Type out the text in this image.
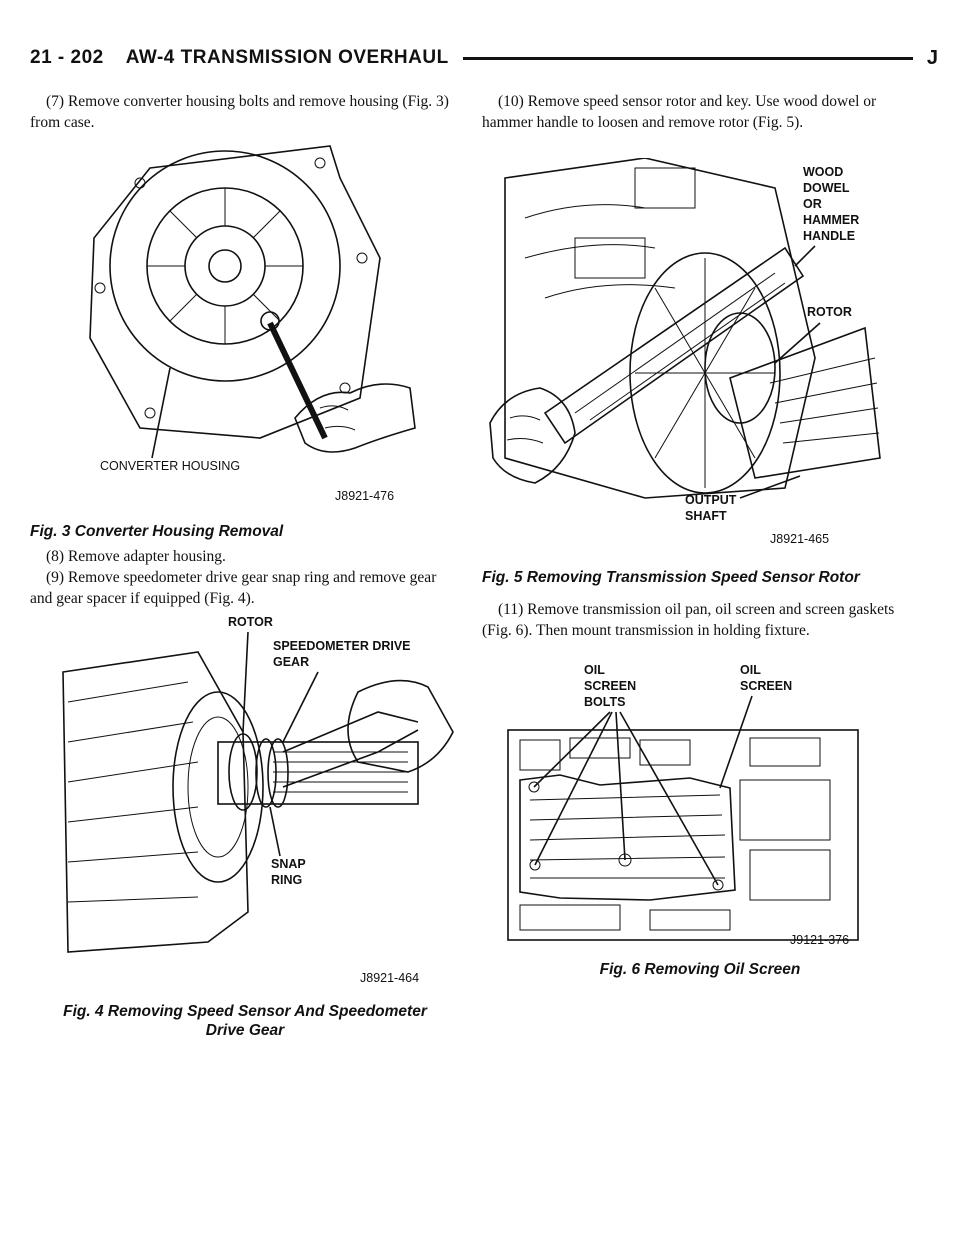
21 - 202 AW-4 TRANSMISSION OVERHAUL	J

(7) Remove converter housing bolts and remove housing (Fig. 3) from case.

CONVERTER HOUSING
J8921-476

Fig. 3 Converter Housing Removal

(8) Remove adapter housing.

(9) Remove speedometer drive gear snap ring and remove gear and gear spacer if equipped (Fig. 4).

ROTOR
SPEEDOMETER DRIVE
GEAR
SNAP
RING
J8921-464

Fig. 4 Removing Speed Sensor And Speedometer
Drive Gear

(10) Remove speed sensor rotor and key. Use wood dowel or hammer handle to loosen and remove rotor (Fig. 5).

WOOD
DOWEL
OR
HAMMER
HANDLE
ROTOR
OUTPUT
SHAFT
J8921-465

Fig. 5 Removing Transmission Speed Sensor Rotor

(11) Remove transmission oil pan, oil screen and screen gaskets (Fig. 6). Then mount transmission in holding fixture.

OIL
SCREEN
BOLTS
OIL
SCREEN
J9121-376

Fig. 6 Removing Oil Screen
